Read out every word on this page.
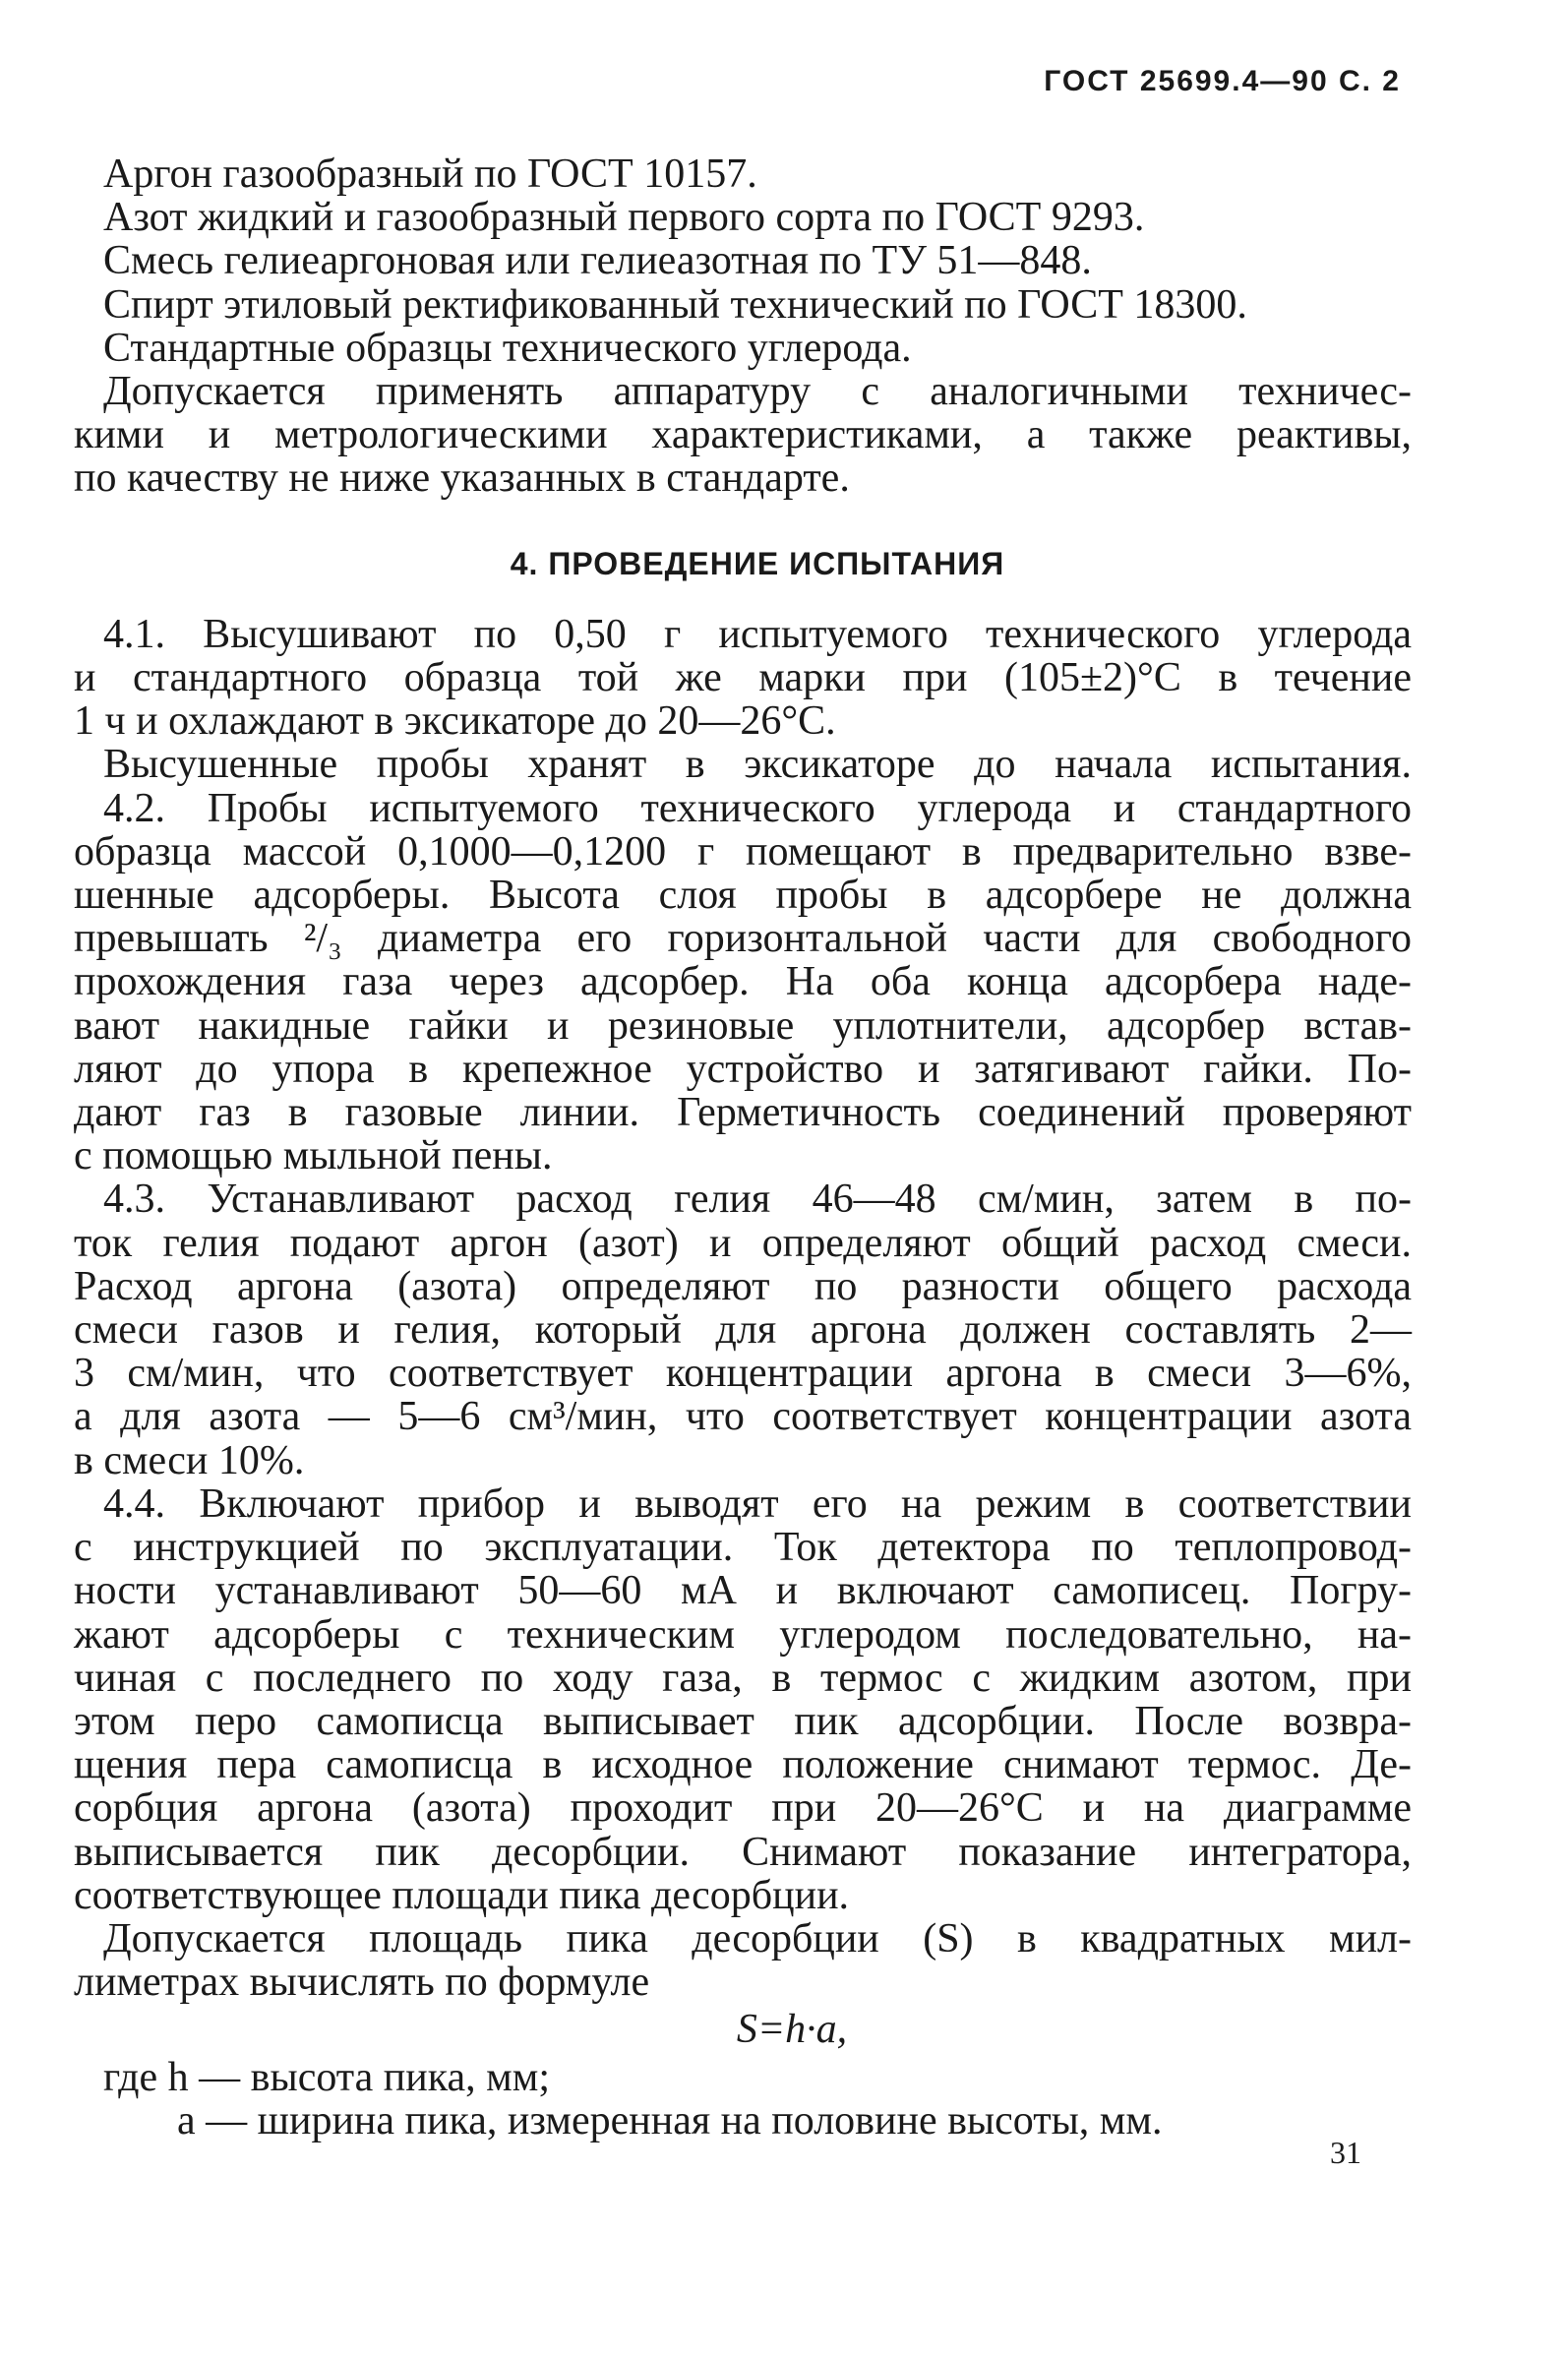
ГОСТ 25699.4—90 С. 2
Аргон газообразный по ГОСТ 10157.
Азот жидкий и газообразный первого сорта по ГОСТ 9293.
Смесь гелиеаргоновая или гелиеазотная по ТУ 51—848.
Спирт этиловый ректификованный технический по ГОСТ 18300.
Стандартные образцы технического углерода.
Допускается применять аппаратуру с аналогичными техничес-
кими и метрологическими характеристиками, а также реактивы,
по качеству не ниже указанных в стандарте.
4. ПРОВЕДЕНИЕ ИСПЫТАНИЯ
4.1. Высушивают по 0,50 г испытуемого технического углерода
и стандартного образца той же марки при (105±2)°С в течение
1 ч и охлаждают в эксикаторе до 20—26°С.
Высушенные пробы хранят в эксикаторе до начала испытания.
4.2. Пробы испытуемого технического углерода и стандартного
образца массой 0,1000—0,1200 г помещают в предварительно взве-
шенные адсорберы. Высота слоя пробы в адсорбере не должна
превышать ²/₃ диаметра его горизонтальной части для свободного
прохождения газа через адсорбер. На оба конца адсорбера наде-
вают накидные гайки и резиновые уплотнители, адсорбер встав-
ляют до упора в крепежное устройство и затягивают гайки. По-
дают газ в газовые линии. Герметичность соединений проверяют
с помощью мыльной пены.
4.3. Устанавливают расход гелия 46—48 см/мин, затем в по-
ток гелия подают аргон (азот) и определяют общий расход смеси.
Расход аргона (азота) определяют по разности общего расхода
смеси газов и гелия, который для аргона должен составлять 2—
3 см/мин, что соответствует концентрации аргона в смеси 3—6%,
а для азота — 5—6 см³/мин, что соответствует концентрации азота
в смеси 10%.
4.4. Включают прибор и выводят его на режим в соответствии
с инструкцией по эксплуатации. Ток детектора по теплопровод-
ности устанавливают 50—60 мА и включают самописец. Погру-
жают адсорберы с техническим углеродом последовательно, на-
чиная с последнего по ходу газа, в термос с жидким азотом, при
этом перо самописца выписывает пик адсорбции. После возвра-
щения пера самописца в исходное положение снимают термос. Де-
сорбция аргона (азота) проходит при 20—26°С и на диаграмме
выписывается пик десорбции. Снимают показание интегратора,
соответствующее площади пика десорбции.
Допускается площадь пика десорбции (S) в квадратных мил-
лиметрах вычислять по формуле
S=h·a,
где h — высота пика, мм;
a — ширина пика, измеренная на половине высоты, мм.
31
